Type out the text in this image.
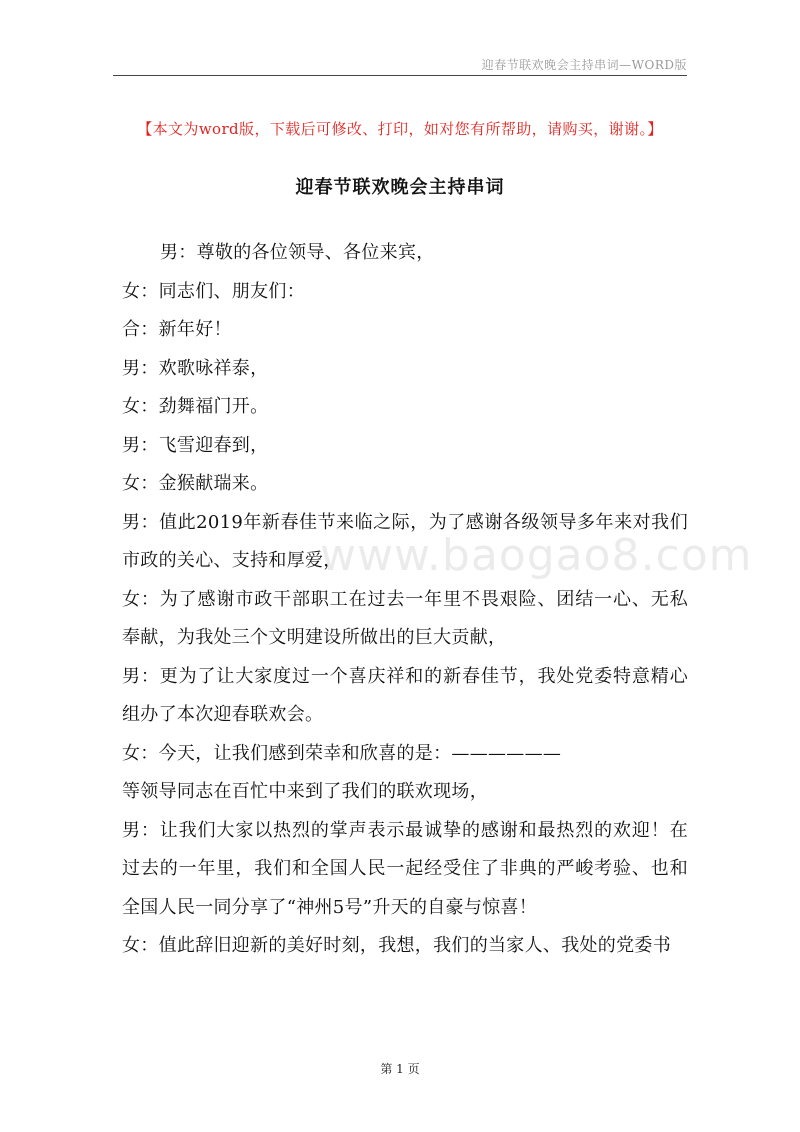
迎春节联欢晚会主持串词—WORD版
【本文为word版，下载后可修改、打印，如对您有所帮助，请购买，谢谢。】
迎春节联欢晚会主持串词

男：尊敬的各位领导、各位来宾，

女：同志们、朋友们：

合：新年好！

男：欢歌咏祥泰，

女：劲舞福门开。

男：飞雪迎春到，

女：金猴献瑞来。

男：值此2019年新春佳节来临之际，为了感谢各级领导多年来对我们市政的关心、支持和厚爱，

女：为了感谢市政干部职工在过去一年里不畏艰险、团结一心、无私奉献，为我处三个文明建设所做出的巨大贡献，

男：更为了让大家度过一个喜庆祥和的新春佳节，我处党委特意精心组办了本次迎春联欢会。

女：今天，让我们感到荣幸和欣喜的是：——————

等领导同志在百忙中来到了我们的联欢现场，

男：让我们大家以热烈的掌声表示最诚挚的感谢和最热烈的欢迎！在过去的一年里，我们和全国人民一起经受住了非典的严峻考验、也和全国人民一同分享了“神州5号”升天的自豪与惊喜！

女：值此辞旧迎新的美好时刻，我想，我们的当家人、我处的党委书

www.baogao8.com
第 1 页
